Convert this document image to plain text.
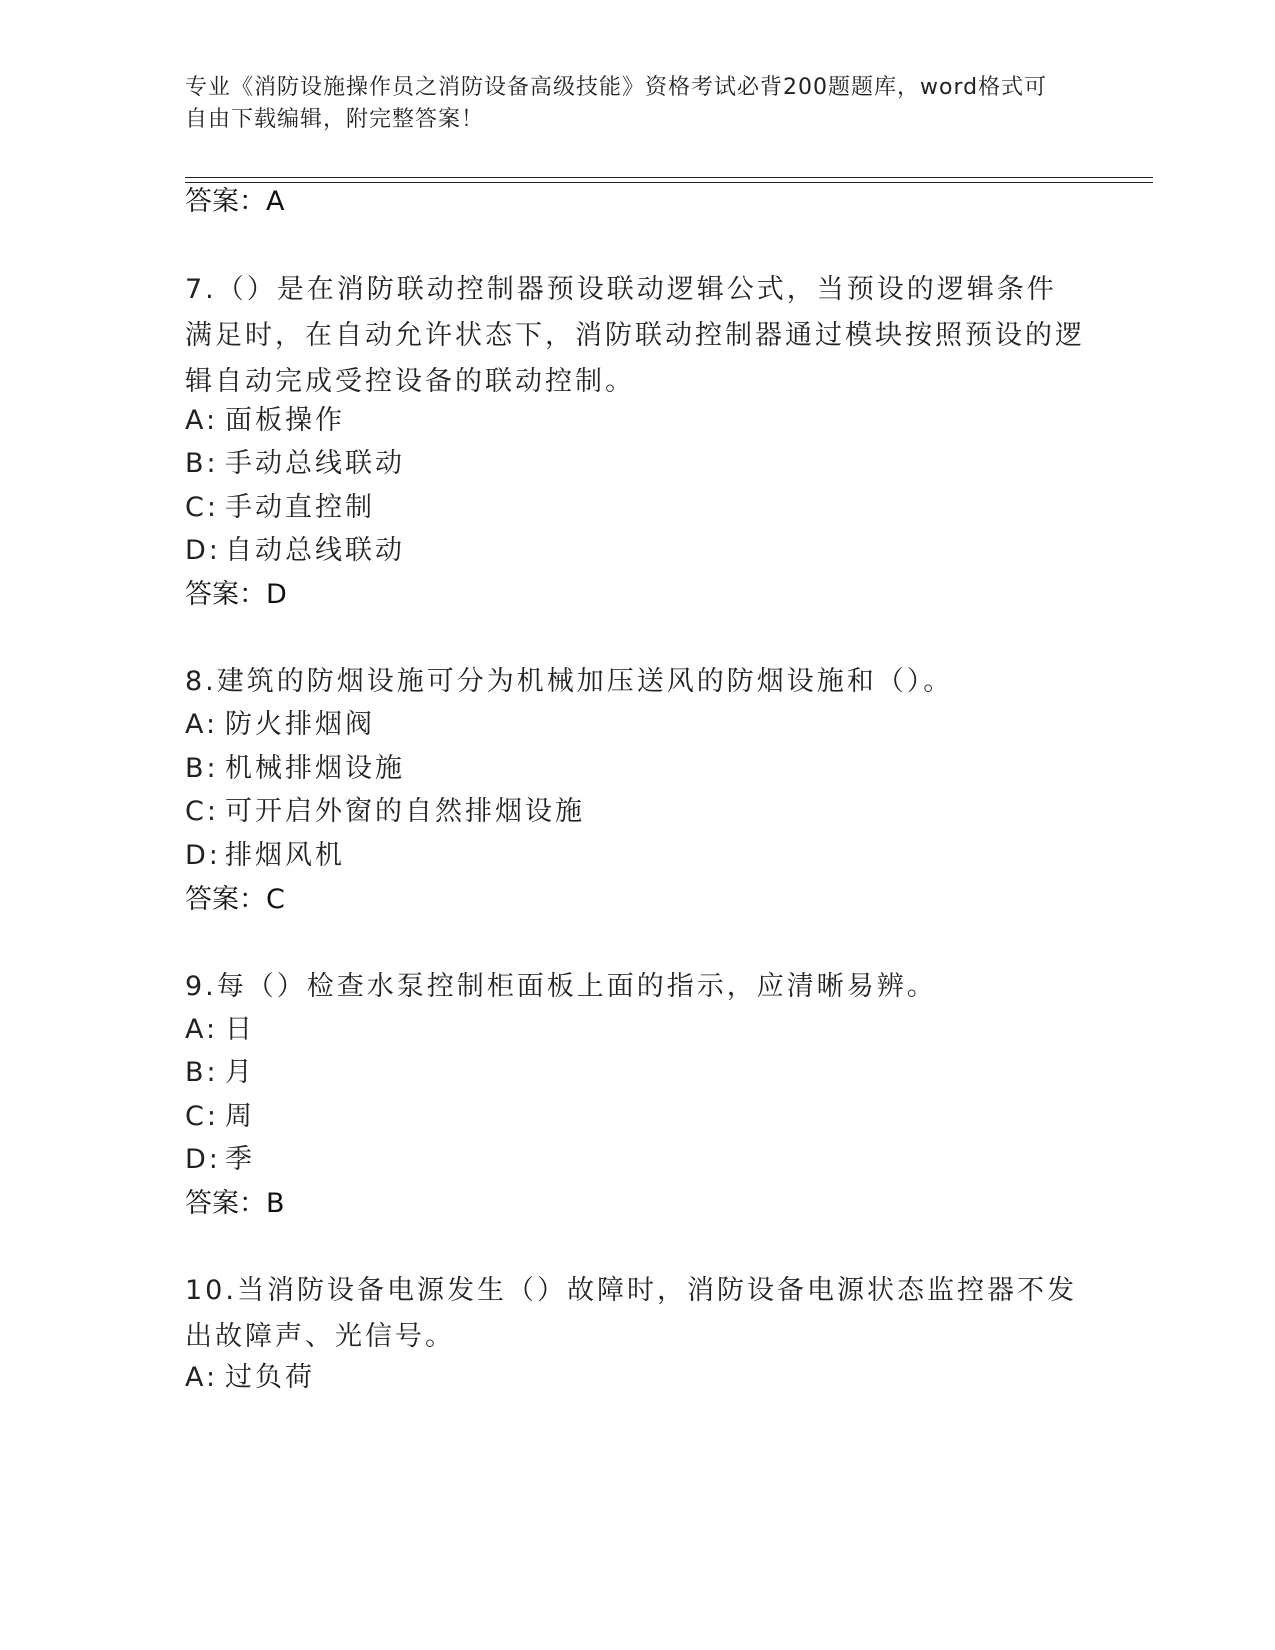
专业《消防设施操作员之消防设备高级技能》资格考试必背200题题库，word格式可自由下载编辑，附完整答案！
答案：A
7.（）是在消防联动控制器预设联动逻辑公式，当预设的逻辑条件满足时，在自动允许状态下，消防联动控制器通过模块按照预设的逻辑自动完成受控设备的联动控制。
A: 面板操作
B: 手动总线联动
C: 手动直控制
D: 自动总线联动
答案：D
8.建筑的防烟设施可分为机械加压送风的防烟设施和（）。
A: 防火排烟阀
B: 机械排烟设施
C: 可开启外窗的自然排烟设施
D: 排烟风机
答案：C
9.每（）检查水泵控制柜面板上面的指示，应清晰易辨。
A: 日
B: 月
C: 周
D: 季
答案：B
10.当消防设备电源发生（）故障时，消防设备电源状态监控器不发出故障声、光信号。
A: 过负荷
